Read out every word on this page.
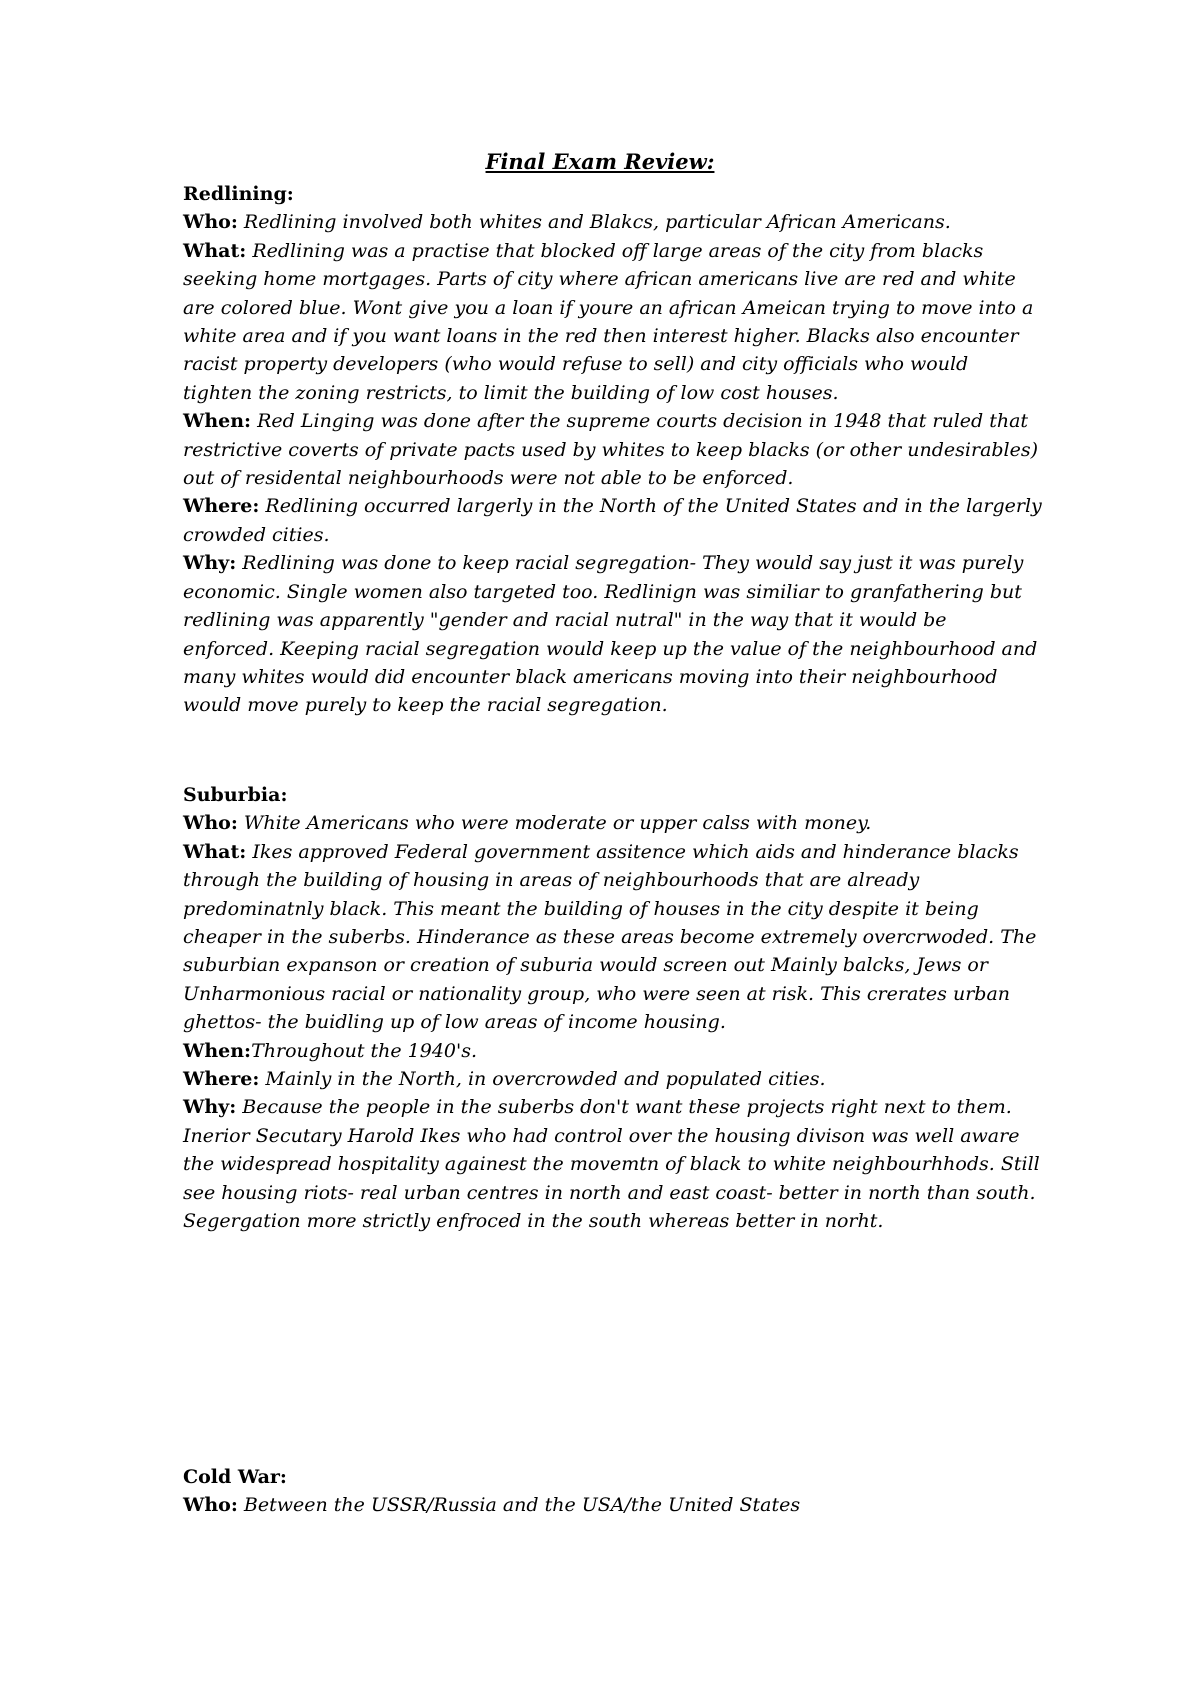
Final Exam Review:

Redlining:

Who: Redlining involved both whites and Blakcs, particular African Americans.

What: Redlining was a practise that blocked off large areas of the city from blacks seeking home mortgages. Parts of city where african americans live are red and white are colored blue. Wont give you a loan if youre an african Ameican trying to move into a white area and if you want loans in the red then interest higher. Blacks also encounter racist property developers (who would refuse to sell) and city officials who would tighten the zoning restricts, to limit the building of low cost houses.

When: Red Linging was done after the supreme courts decision in 1948 that ruled that restrictive coverts of private pacts used by whites to keep blacks (or other undesirables) out of residental neighbourhoods were not able to be enforced.

Where: Redlining occurred largerly in the North of the United States and in the largerly crowded cities.

Why: Redlining was done to keep racial segregation- They would say just it was purely economic. Single women also targeted too. Redlinign was similiar to granfathering but redlining was apparently "gender and racial nutral" in the way that it would be enforced. Keeping racial segregation would keep up the value of the neighbourhood and many whites would did encounter black americans moving into their neighbourhood would move purely to keep the racial segregation.

Suburbia:

Who: White Americans who were moderate or upper calss with money.

What: Ikes approved Federal government assitence which aids and hinderance blacks through the building of housing in areas of neighbourhoods that are already predominatnly black. This meant the building of houses in the city despite it being cheaper in the suberbs. Hinderance as these areas become extremely overcrwoded. The suburbian expanson or creation of suburia would screen out Mainly balcks, Jews or Unharmonious racial or nationality group, who were seen at risk. This crerates urban ghettos- the buidling up of low areas of income housing.

When:Throughout the 1940's.

Where: Mainly in the North, in overcrowded and populated cities.

Why: Because the people in the suberbs don't want these projects right next to them. Inerior Secutary Harold Ikes who had control over the housing divison was well aware the widespread hospitality againest the movemtn of black to white neighbourhhods. Still see housing riots- real urban centres in north and east coast- better in north than south. Segergation more strictly enfroced in the south whereas better in norht.

Cold War:

Who: Between the USSR/Russia and the USA/the United States
